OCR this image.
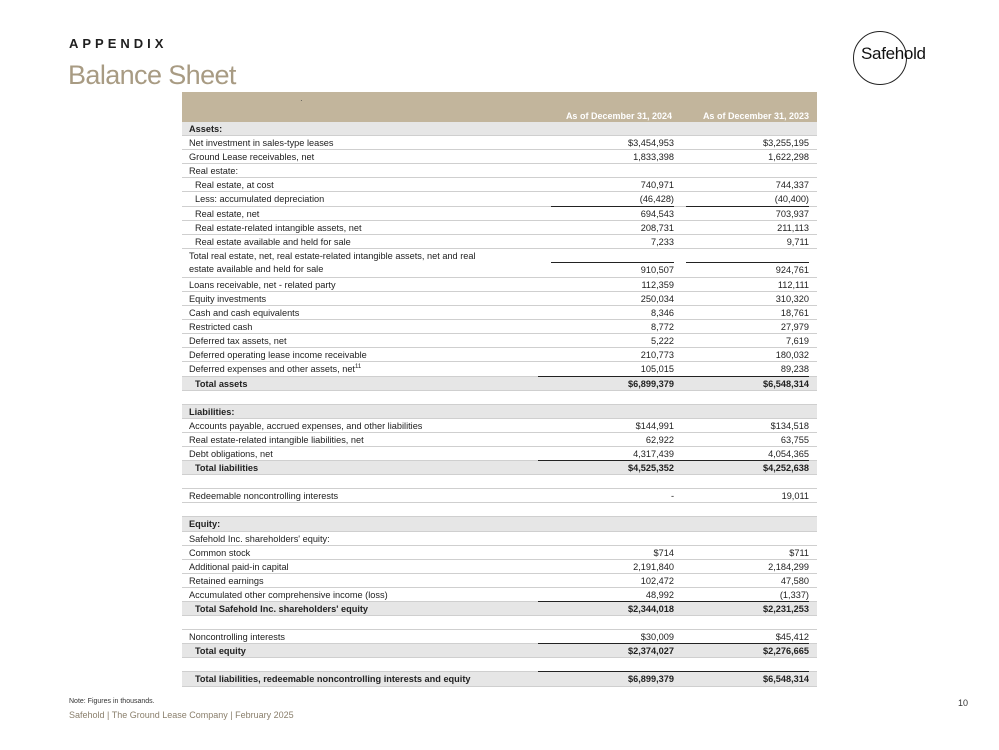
APPENDIX
Balance Sheet
Safehold
·
As of December 31, 2024	As of December 31, 2023
Assets:
Net investment in sales-type leases	$3,454,953	$3,255,195
Ground Lease receivables, net	1,833,398	1,622,298
Real estate:
Real estate, at cost	740,971	744,337
Less: accumulated depreciation	(46,428)	(40,400)
Real estate, net	694,543	703,937
Real estate-related intangible assets, net	208,731	211,113
Real estate available and held for sale	7,233	9,711
Total real estate, net, real estate-related intangible assets, net and real
estate available and held for sale	910,507	924,761
Loans receivable, net - related party	112,359	112,111
Equity investments	250,034	310,320
Cash and cash equivalents	8,346	18,761
Restricted cash	8,772	27,979
Deferred tax assets, net	5,222	7,619
Deferred operating lease income receivable	210,773	180,032
Deferred expenses and other assets, net$^{11}$	105,015	89,238
Total assets	$6,899,379	$6,548,314
Liabilities:
Accounts payable, accrued expenses, and other liabilities	$144,991	$134,518
Real estate-related intangible liabilities, net	62,922	63,755
Debt obligations, net	4,317,439	4,054,365
Total liabilities	$4,525,352	$4,252,638
Redeemable noncontrolling interests	-	19,011
Equity:
Safehold Inc. shareholders' equity:
Common stock	$714	$711
Additional paid-in capital	2,191,840	2,184,299
Retained earnings	102,472	47,580
Accumulated other comprehensive income (loss)	48,992	(1,337)
Total Safehold Inc. shareholders' equity	$2,344,018	$2,231,253
Noncontrolling interests	$30,009	$45,412
Total equity	$2,374,027	$2,276,665
Total liabilities, redeemable noncontrolling interests and equity	$6,899,379	$6,548,314
Note: Figures in thousands.
Safehold | The Ground Lease Company | February 2025
10
